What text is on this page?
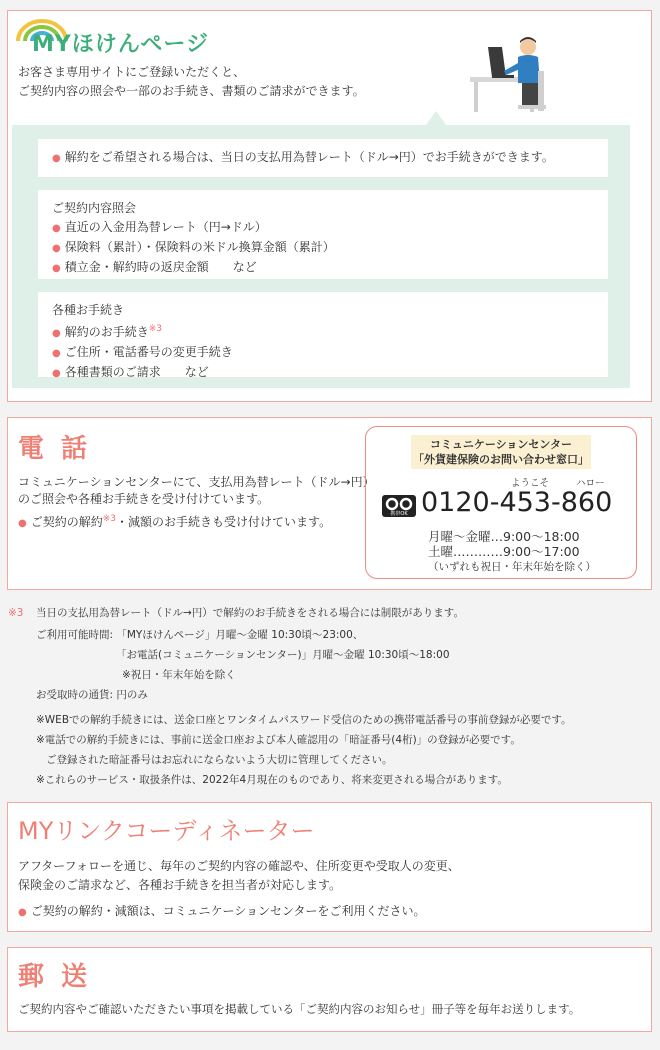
MYほけんページ
お客さま専用サイトにご登録いただくと、
ご契約内容の照会や一部のお手続き、書類のご請求ができます。

● 解約をご希望される場合は、当日の支払用為替レート（ドル→円）でお手続きができます。

ご契約内容照会

● 直近の入金用為替レート（円→ドル）

● 保険料（累計）・保険料の米ドル換算金額（累計）

● 積立金・解約時の返戻金額　　など

各種お手続き

● 解約のお手続き$^{※3}$

● ご住所・電話番号の変更手続き

● 各種書類のご請求　　など

電 話
コミュニケーションセンターにて、支払用為替レート（ドル→円）
のご照会や各種お手続きを受け付けています。
● ご契約の解約$^{※3}$・減額のお手続きも受け付けています。
コミュニケーションセンター
「外貨建保険のお問い合わせ窓口」
ようこそ	ハロー
携帯OK 0120-453-860
月曜〜金曜…9:00〜18:00
土曜…………9:00〜17:00
（いずれも祝日・年末年始を除く）
※3 当日の支払用為替レート（ドル→円）で解約のお手続きをされる場合には制限があります。
ご利用可能時間: 「MYほけんページ」月曜〜金曜 10:30頃〜23:00、
「お電話(コミュニケーションセンター)」月曜〜金曜 10:30頃〜18:00
※祝日・年末年始を除く
お受取時の通貨: 円のみ
※WEBでの解約手続きには、送金口座とワンタイムパスワード受信のための携帯電話番号の事前登録が必要です。
※電話での解約手続きには、事前に送金口座および本人確認用の「暗証番号(4桁)」の登録が必要です。
ご登録された暗証番号はお忘れにならないよう大切に管理してください。
※これらのサービス・取扱条件は、2022年4月現在のものであり、将来変更される場合があります。
MYリンクコーディネーター
アフターフォローを通じ、毎年のご契約内容の確認や、住所変更や受取人の変更、
保険金のご請求など、各種お手続きを担当者が対応します。
● ご契約の解約・減額は、コミュニケーションセンターをご利用ください。
郵 送
ご契約内容やご確認いただきたい事項を掲載している「ご契約内容のお知らせ」冊子等を毎年お送りします。
